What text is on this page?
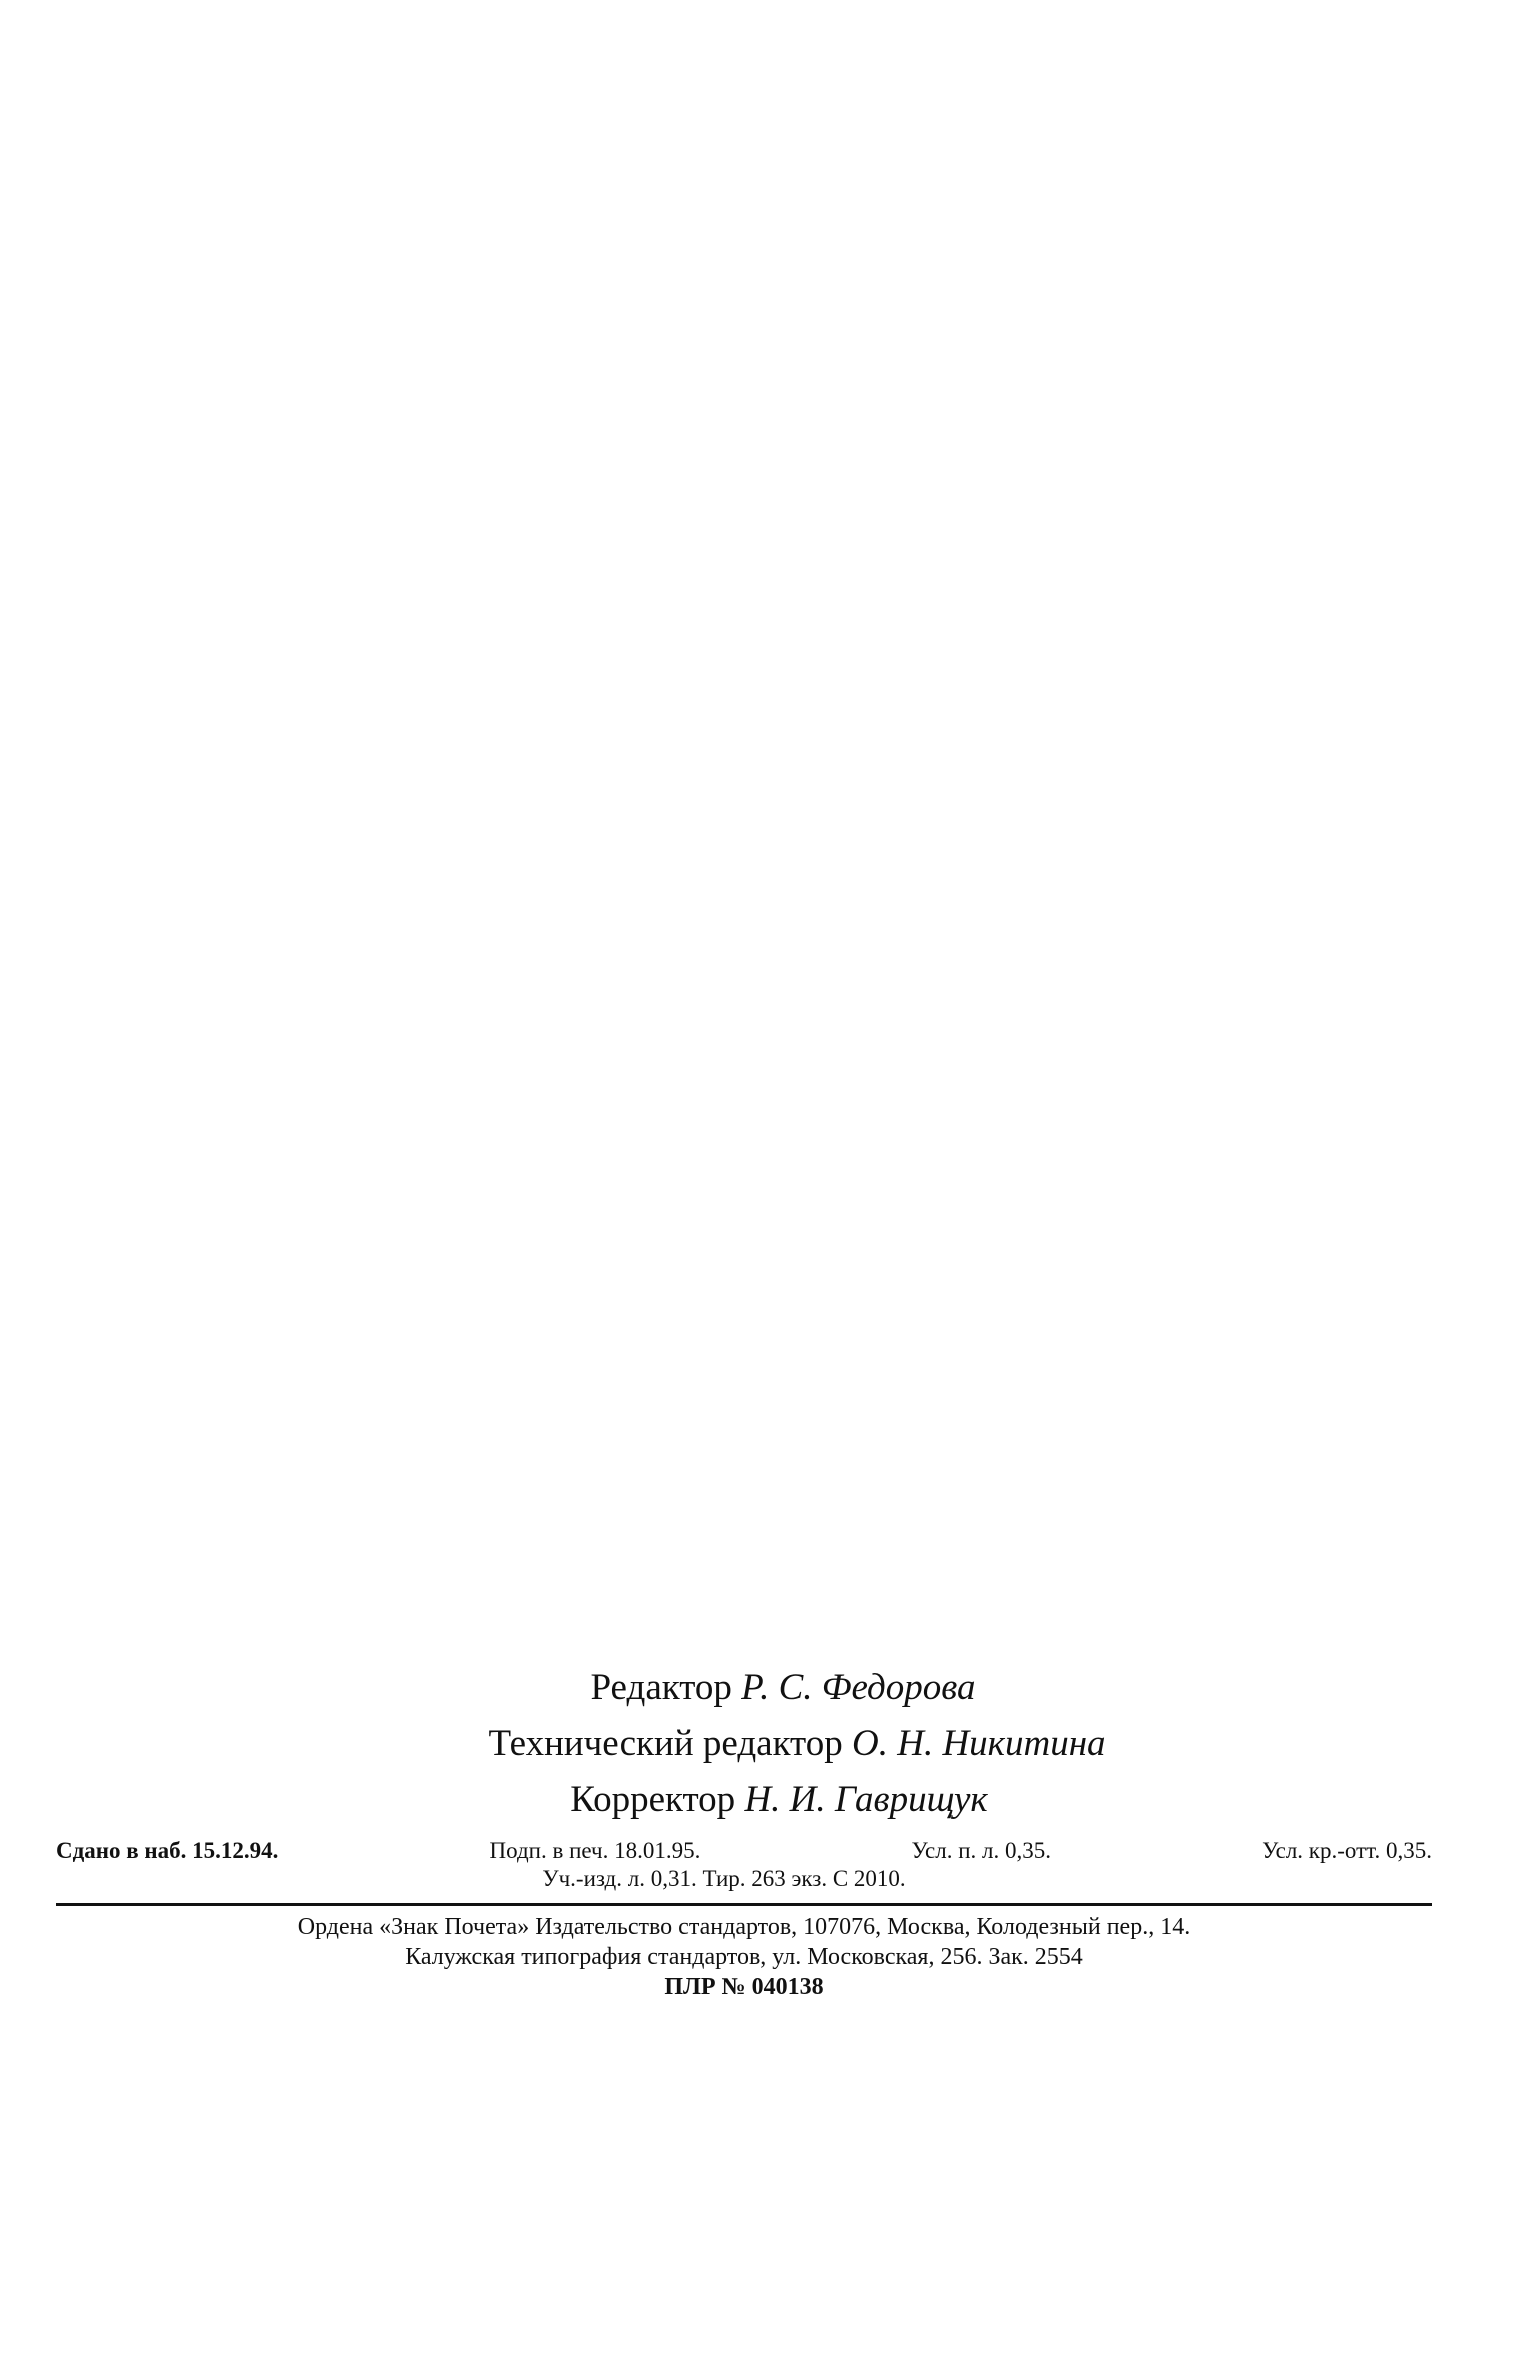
Редактор Р. С. Федорова
Технический редактор О. Н. Никитина
Корректор Н. И. Гаврищук
Сдано в наб. 15.12.94.	Подп. в печ. 18.01.95.	Усл. п. л. 0,35.	Усл. кр.-отт. 0,35.
Уч.-изд. л. 0,31. Тир. 263 экз. С 2010.
Ордена «Знак Почета» Издательство стандартов, 107076, Москва, Колодезный пер., 14.
Калужская типография стандартов, ул. Московская, 256. Зак. 2554
ПЛР № 040138
